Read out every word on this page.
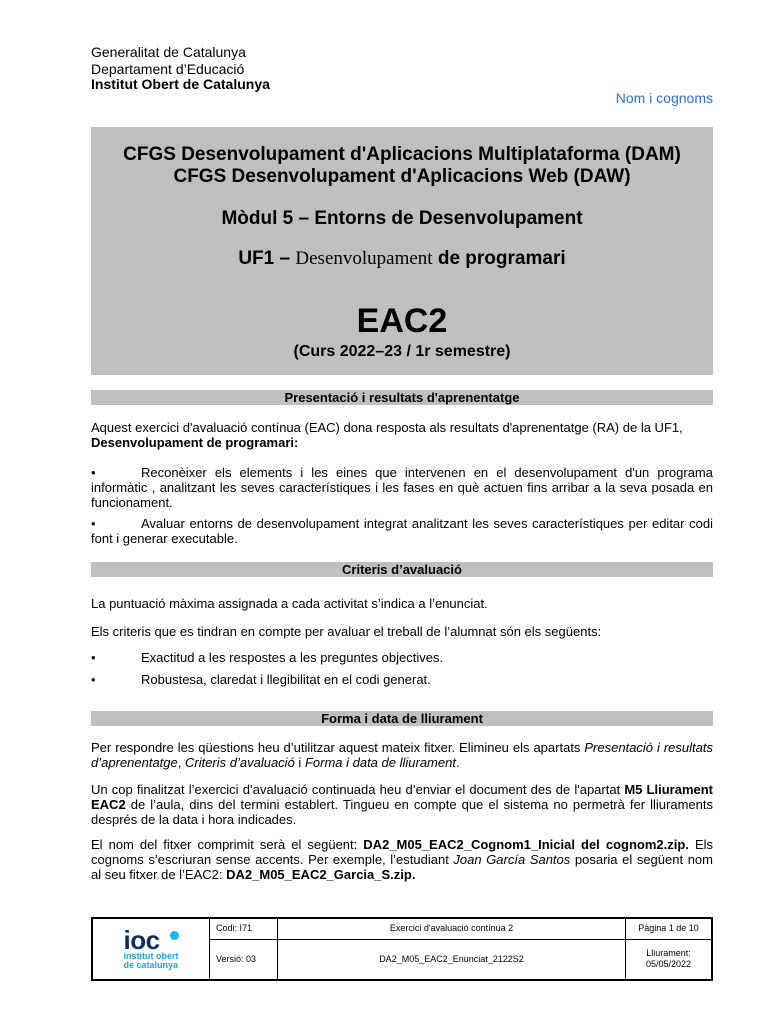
Generalitat de Catalunya
Departament d’Educació
Institut Obert de Catalunya
Nom i cognoms
CFGS Desenvolupament d'Aplicacions Multiplataforma (DAM)
CFGS Desenvolupament d'Aplicacions Web (DAW)
Mòdul 5 – Entorns de Desenvolupament
UF1 – Desenvolupament de programari
EAC2
(Curs 2022–23 / 1r semestre)
Presentació i resultats d'aprenentatge
Aquest exercici d'avaluació contínua (EAC) dona resposta als resultats d'aprenentatge (RA) de la UF1,
Desenvolupament de programari:
•	Reconèixer els elements i les eines que intervenen en el desenvolupament d'un programa informàtic , analitzant les seves característiques i les fases en què actuen fins arribar a la seva posada en funcionament.
•	Avaluar entorns de desenvolupament integrat analitzant les seves característiques per editar codi font i generar executable.
Criteris d’avaluació
La puntuació màxima assignada a cada activitat s’indica a l’enunciat.
Els criteris que es tindran en compte per avaluar el treball de l’alumnat són els següents:
•	Exactitud a les respostes a les preguntes objectives.
•	Robustesa, claredat i llegibilitat en el codi generat.
Forma i data de lliurament
Per respondre les qüestions heu d’utilitzar aquest mateix fitxer. Elimineu els apartats Presentació i resultats d’aprenentatge, Criteris d’avaluació i Forma i data de lliurament.
Un cop finalitzat l’exercici d’avaluació continuada heu d’enviar el document des de l'apartat M5 Lliurament EAC2 de l’aula, dins del termini establert. Tingueu en compte que el sistema no permetrà fer lliuraments després de la data i hora indicades.
El nom del fitxer comprimit serà el següent: DA2_M05_EAC2_Cognom1_Inicial del cognom2.zip. Els cognoms s’escriuran sense accents. Per exemple, l’estudiant Joan García Santos posaria el següent nom al seu fitxer de l’EAC2: DA2_M05_EAC2_Garcia_S.zip.
ioc
institut obert
de catalunya	Codi: I71	Exercici d'avaluació contínua 2	Pàgina 1 de 10
	Versió: 03	DA2_M05_EAC2_Enunciat_2122S2	Lliurament:
05/05/2022
